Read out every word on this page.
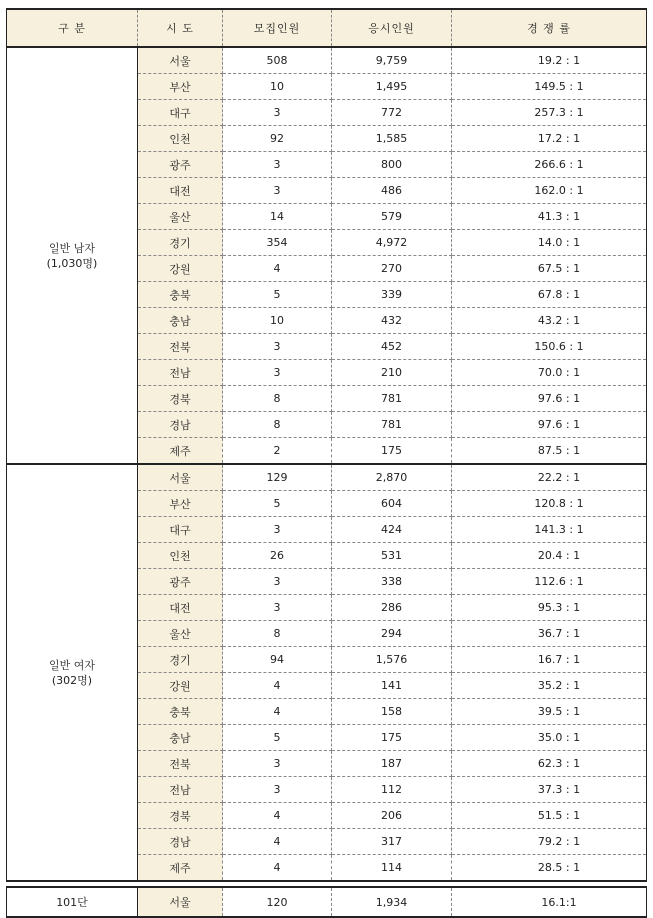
구 분	시 도	모집인원	응시인원	경 쟁 률

일반 남자
(1,030명)	서울	508	9,759	19.2 : 1
	부산	10	1,495	149.5 : 1
	대구	3	772	257.3 : 1
	인천	92	1,585	17.2 : 1
	광주	3	800	266.6 : 1
	대전	3	486	162.0 : 1
	울산	14	579	41.3 : 1
	경기	354	4,972	14.0 : 1
	강원	4	270	67.5 : 1
	충북	5	339	67.8 : 1
	충남	10	432	43.2 : 1
	전북	3	452	150.6 : 1
	전남	3	210	70.0 : 1
	경북	8	781	97.6 : 1
	경남	8	781	97.6 : 1
	제주	2	175	87.5 : 1

일반 여자
(302명)	서울	129	2,870	22.2 : 1
	부산	5	604	120.8 : 1
	대구	3	424	141.3 : 1
	인천	26	531	20.4 : 1
	광주	3	338	112.6 : 1
	대전	3	286	95.3 : 1
	울산	8	294	36.7 : 1
	경기	94	1,576	16.7 : 1
	강원	4	141	35.2 : 1
	충북	4	158	39.5 : 1
	충남	5	175	35.0 : 1
	전북	3	187	62.3 : 1
	전남	3	112	37.3 : 1
	경북	4	206	51.5 : 1
	경남	4	317	79.2 : 1
	제주	4	114	28.5 : 1

101단	서울	120	1,934	16.1:1
